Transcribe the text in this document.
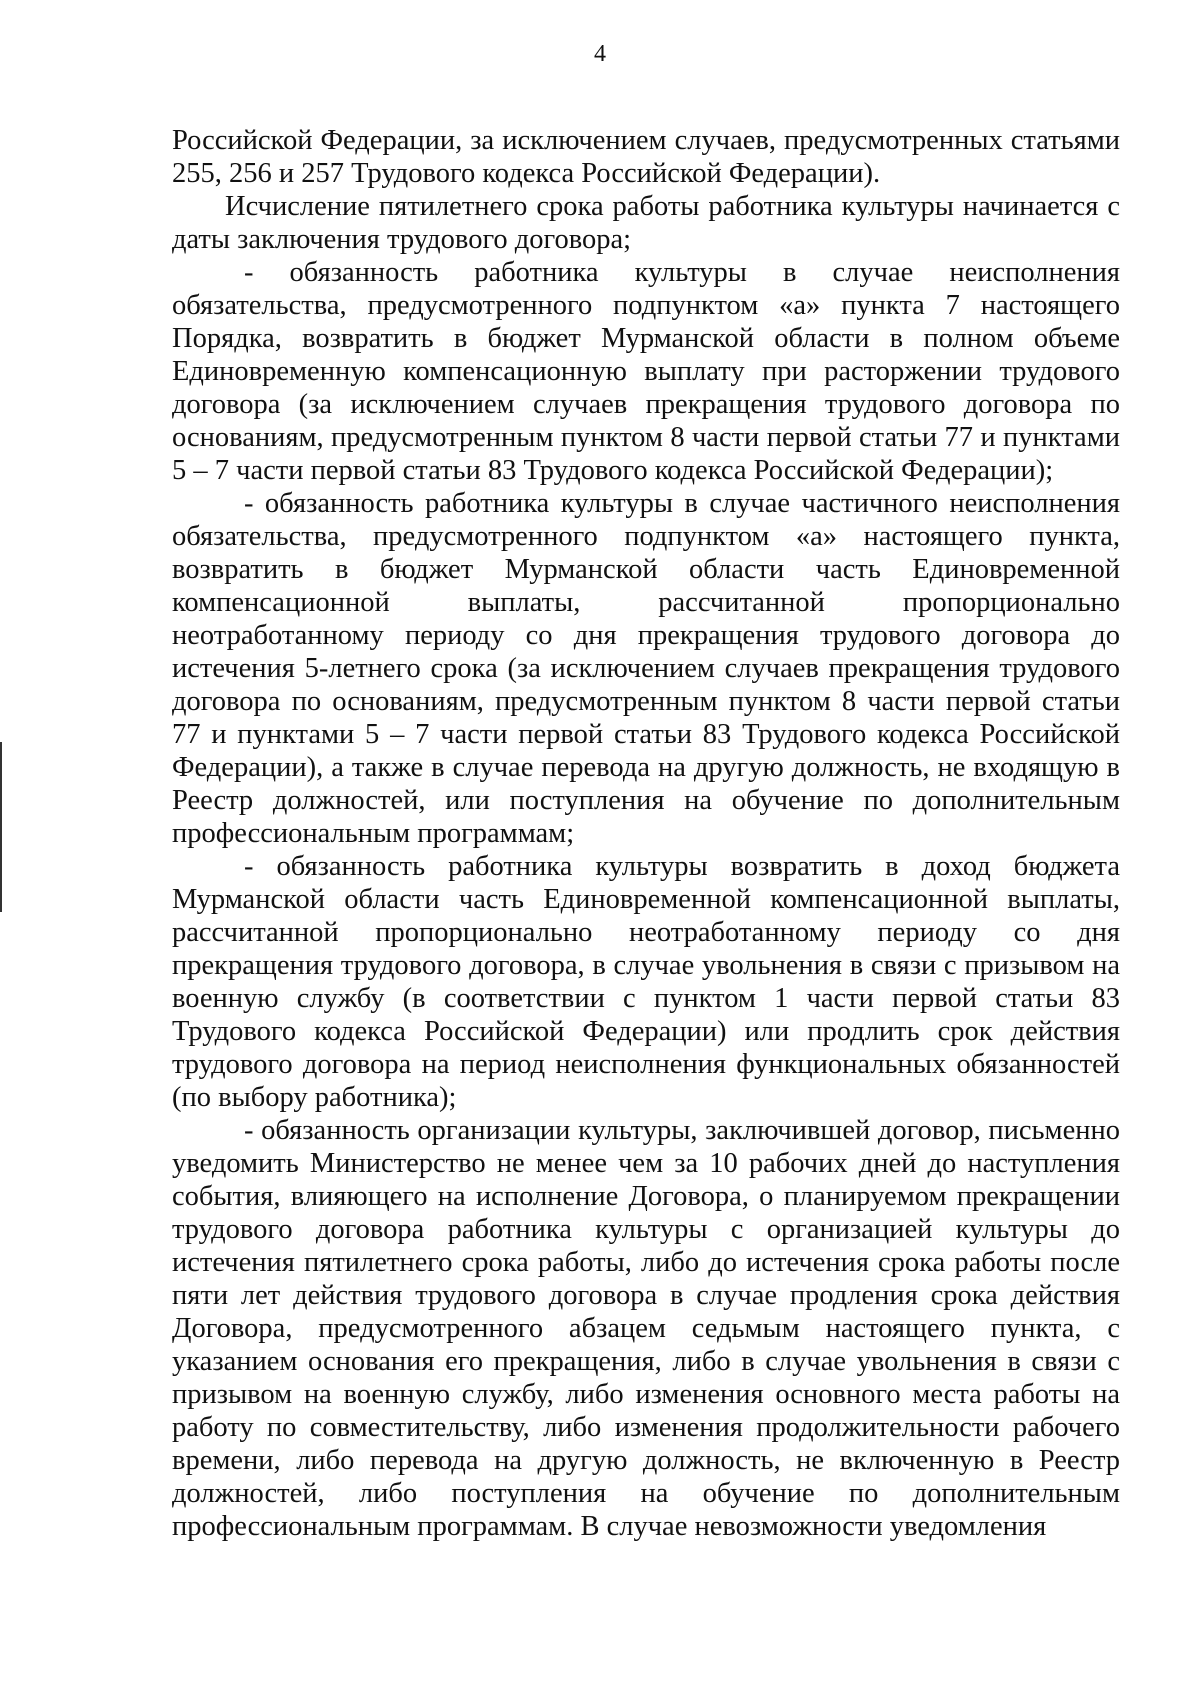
4

Российской Федерации, за исключением случаев, предусмотренных статьями 255, 256 и 257 Трудового кодекса Российской Федерации).

Исчисление пятилетнего срока работы работника культуры начинается с даты заключения трудового договора;

- обязанность работника культуры в случае неисполнения обязательства, предусмотренного подпунктом «а» пункта 7 настоящего Порядка, возвратить в бюджет Мурманской области в полном объеме Единовременную компенсационную выплату при расторжении трудового договора (за исключением случаев прекращения трудового договора по основаниям, предусмотренным пунктом 8 части первой статьи 77 и пунктами 5 – 7 части первой статьи 83 Трудового кодекса Российской Федерации);

- обязанность работника культуры в случае частичного неисполнения обязательства, предусмотренного подпунктом «а» настоящего пункта, возвратить в бюджет Мурманской области часть Единовременной компенсационной выплаты, рассчитанной пропорционально неотработанному периоду со дня прекращения трудового договора до истечения 5-летнего срока (за исключением случаев прекращения трудового договора по основаниям, предусмотренным пунктом 8 части первой статьи 77 и пунктами 5 – 7 части первой статьи 83 Трудового кодекса Российской Федерации), а также в случае перевода на другую должность, не входящую в Реестр должностей, или поступления на обучение по дополнительным профессиональным программам;

- обязанность работника культуры возвратить в доход бюджета Мурманской области часть Единовременной компенсационной выплаты, рассчитанной пропорционально неотработанному периоду со дня прекращения трудового договора, в случае увольнения в связи с призывом на военную службу (в соответствии с пунктом 1 части первой статьи 83 Трудового кодекса Российской Федерации) или продлить срок действия трудового договора на период неисполнения функциональных обязанностей (по выбору работника);

- обязанность организации культуры, заключившей договор, письменно уведомить Министерство не менее чем за 10 рабочих дней до наступления события, влияющего на исполнение Договора, о планируемом прекращении трудового договора работника культуры с организацией культуры до истечения пятилетнего срока работы, либо до истечения срока работы после пяти лет действия трудового договора в случае продления срока действия Договора, предусмотренного абзацем седьмым настоящего пункта, с указанием основания его прекращения, либо в случае увольнения в связи с призывом на военную службу, либо изменения основного места работы на работу по совместительству, либо изменения продолжительности рабочего времени, либо перевода на другую должность, не включенную в Реестр должностей, либо поступления на обучение по дополнительным профессиональным программам. В случае невозможности уведомления
